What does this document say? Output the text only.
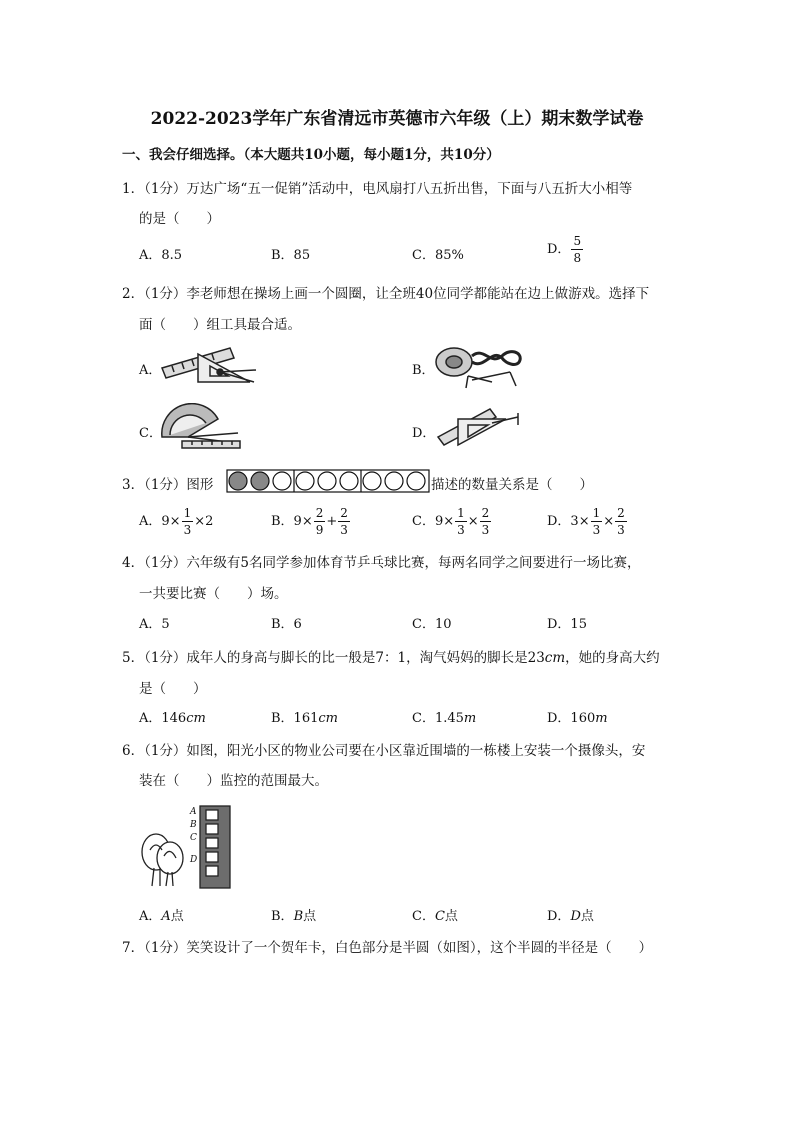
2022-2023学年广东省清远市英德市六年级（上）期末数学试卷
一、我会仔细选择。（本大题共10小题，每小题1分，共10分）
1．（1分）万达广场“五一促销”活动中，电风扇打八五折出售，下面与八五折大小相等
的是（　　）
A．8.5	B．85	C．85%	D． $\frac{5}{8}$
2．（1分）李老师想在操场上画一个圆圈，让全班40位同学都能站在边上做游戏。选择下
面（　　）组工具最合适。
A．	B．
C．	D．
3．（1分）图形	描述的数量关系是（　　）
A．$9\times \frac{1}{3} \times 2$	B．$9\times \frac{2}{9} + \frac{2}{3}$	C．$9\times \frac{1}{3} \times \frac{2}{3}$	D．$3\times \frac{1}{3} \times \frac{2}{3}$
4．（1分）六年级有5名同学参加体育节乒乓球比赛，每两名同学之间要进行一场比赛，
一共要比赛（　　）场。
A．5	B．6	C．10	D．15
5．（1分）成年人的身高与脚长的比一般是7：1，淘气妈妈的脚长是23cm，她的身高大约
是（　　）
A．146cm	B．161cm	C．1.45m	D．160m
6．（1分）如图，阳光小区的物业公司要在小区靠近围墙的一栋楼上安装一个摄像头，安
装在（　　）监控的范围最大。
A
B
C
D
A．A点	B．B点	C．C点	D．D点
7．（1分）笑笑设计了一个贺年卡，白色部分是半圆（如图），这个半圆的半径是（　　）
